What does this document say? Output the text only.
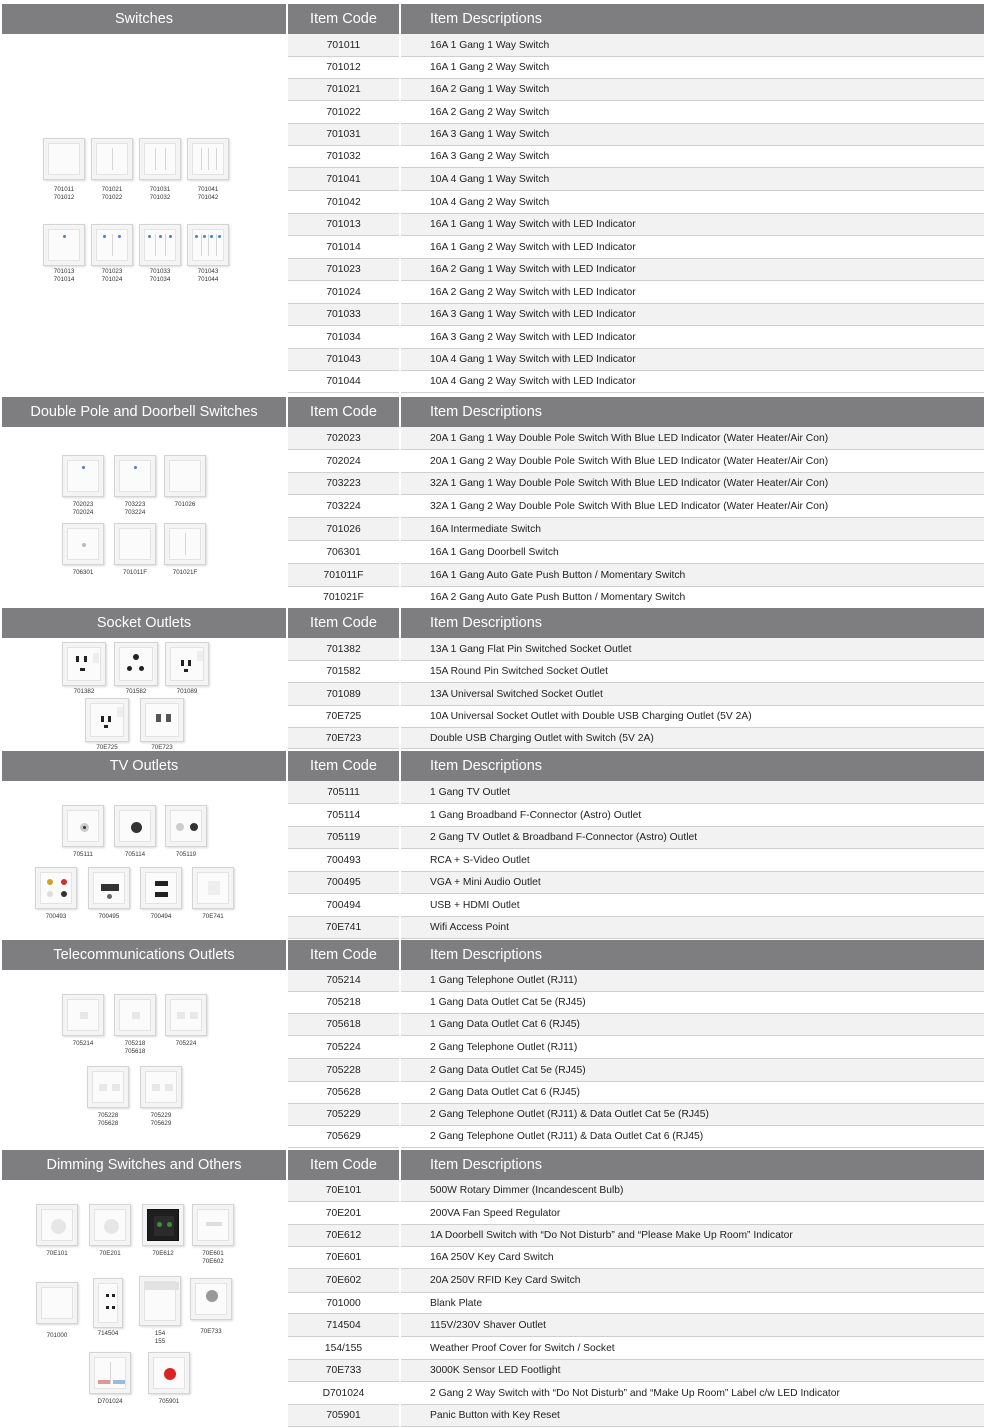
Switches	Item Code	Item Descriptions
701011
701012
701021
701022
701031
701032
701041
701042
701013
701014
701023
701024
701033
701034
701043
701044
701011	16A 1 Gang 1 Way Switch
701012	16A 1 Gang 2 Way Switch
701021	16A 2 Gang 1 Way Switch
701022	16A 2 Gang 2 Way Switch
701031	16A 3 Gang 1 Way Switch
701032	16A 3 Gang 2 Way Switch
701041	10A 4 Gang 1 Way Switch
701042	10A 4 Gang 2 Way Switch
701013	16A 1 Gang 1 Way Switch with LED Indicator
701014	16A 1 Gang 2 Way Switch with LED Indicator
701023	16A 2 Gang 1 Way Switch with LED Indicator
701024	16A 2 Gang 2 Way Switch with LED Indicator
701033	16A 3 Gang 1 Way Switch with LED Indicator
701034	16A 3 Gang 2 Way Switch with LED Indicator
701043	10A 4 Gang 1 Way Switch with LED Indicator
701044	10A 4 Gang 2 Way Switch with LED Indicator
Double Pole and Doorbell Switches	Item Code	Item Descriptions
702023
702024
703223
703224
701026
706301	701011F	701021F
702023	20A 1 Gang 1 Way Double Pole Switch With Blue LED Indicator (Water Heater/Air Con)
702024	20A 1 Gang 2 Way Double Pole Switch With Blue LED Indicator (Water Heater/Air Con)
703223	32A 1 Gang 1 Way Double Pole Switch With Blue LED Indicator (Water Heater/Air Con)
703224	32A 1 Gang 2 Way Double Pole Switch With Blue LED Indicator (Water Heater/Air Con)
701026	16A Intermediate Switch
706301	16A 1 Gang Doorbell Switch
701011F	16A 1 Gang Auto Gate Push Button / Momentary Switch
701021F	16A 2 Gang Auto Gate Push Button / Momentary Switch
Socket Outlets	Item Code	Item Descriptions
701382	701582	701089
70E725	70E723
701382	13A 1 Gang Flat Pin Switched Socket Outlet
701582	15A Round Pin Switched Socket Outlet
701089	13A Universal Switched Socket Outlet
70E725	10A Universal Socket Outlet with Double USB Charging Outlet (5V 2A)
70E723	Double USB Charging Outlet with Switch (5V 2A)
TV Outlets	Item Code	Item Descriptions
705111	705114	705119
700493	700495	700494	70E741
705111	1 Gang TV Outlet
705114	1 Gang Broadband F-Connector (Astro) Outlet
705119	2 Gang TV Outlet & Broadband F-Connector (Astro) Outlet
700493	RCA + S-Video Outlet
700495	VGA + Mini Audio Outlet
700494	USB + HDMI Outlet
70E741	Wifi Access Point
Telecommunications Outlets	Item Code	Item Descriptions
705214	705218
705618
705224
705228
705628
705229
705629
705214	1 Gang Telephone Outlet (RJ11)
705218	1 Gang Data Outlet Cat 5e (RJ45)
705618	1 Gang Data Outlet Cat 6 (RJ45)
705224	2 Gang Telephone Outlet (RJ11)
705228	2 Gang Data Outlet Cat 5e (RJ45)
705628	2 Gang Data Outlet Cat 6 (RJ45)
705229	2 Gang Telephone Outlet (RJ11) & Data Outlet Cat 5e (RJ45)
705629	2 Gang Telephone Outlet (RJ11) & Data Outlet Cat 6 (RJ45)
Dimming Switches and Others	Item Code	Item Descriptions
70E101	70E201	70E612	70E601
70E602
701000	714504	154
155
70E733
D701024	705901
70E101	500W Rotary Dimmer (Incandescent Bulb)
70E201	200VA Fan Speed Regulator
70E612	1A Doorbell Switch with “Do Not Disturb” and “Please Make Up Room” Indicator
70E601	16A 250V Key Card Switch
70E602	20A 250V RFID Key Card Switch
701000	Blank Plate
714504	115V/230V Shaver Outlet
154/155	Weather Proof Cover for Switch / Socket
70E733	3000K Sensor LED Footlight
D701024	2 Gang 2 Way Switch with “Do Not Disturb” and “Make Up Room” Label c/w LED Indicator
705901	Panic Button with Key Reset
